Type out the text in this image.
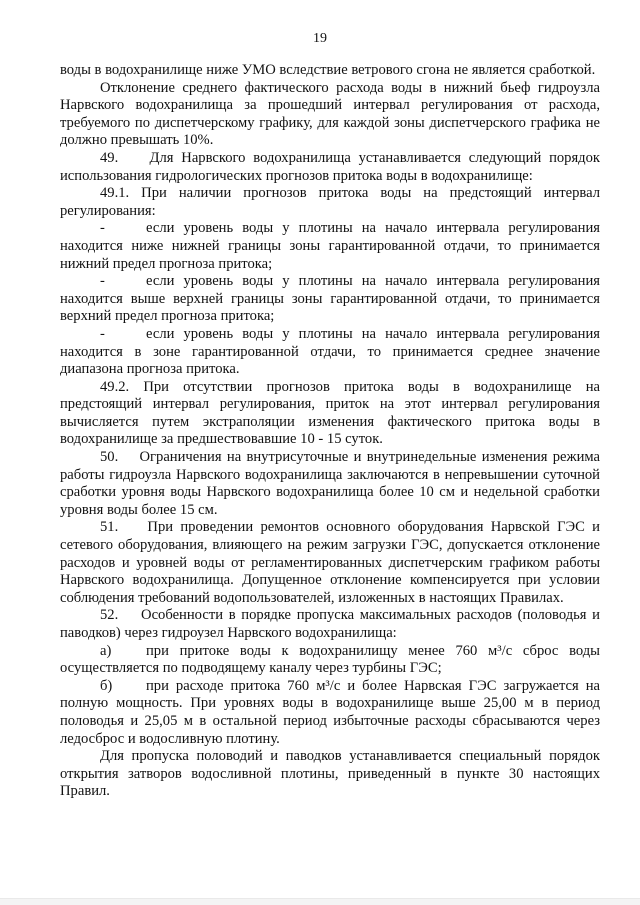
19

воды в водохранилище ниже УМО вследствие ветрового сгона не является сработкой.

Отклонение среднего фактического расхода воды в нижний бьеф гидроузла Нарвского водохранилища за прошедший интервал регулирования от расхода, требуемого по диспетчерскому графику, для каждой зоны диспетчерского графика не должно превышать 10%.

49.    Для Нарвского водохранилища устанавливается следующий порядок использования гидрологических прогнозов притока воды в водохранилище:

49.1. При наличии прогнозов притока воды на предстоящий интервал регулирования:

-	если уровень воды у плотины на начало интервала регулирования находится ниже нижней границы зоны гарантированной отдачи, то принимается нижний предел прогноза притока;

-	если уровень воды у плотины на начало интервала регулирования находится выше верхней границы зоны гарантированной отдачи, то принимается верхний предел прогноза притока;

-	если уровень воды у плотины на начало интервала регулирования находится в зоне гарантированной отдачи, то принимается среднее значение диапазона прогноза притока.

49.2. При отсутствии прогнозов притока воды в водохранилище на предстоящий интервал регулирования, приток на этот интервал регулирования вычисляется путем экстраполяции изменения фактического притока воды в водохранилище за предшествовавшие 10 - 15 суток.

50.    Ограничения на внутрисуточные и внутринедельные изменения режима работы гидроузла Нарвского водохранилища заключаются в непревышении суточной сработки уровня воды Нарвского водохранилища более 10 см и недельной сработки уровня воды более 15 см.

51.    При проведении ремонтов основного оборудования Нарвской ГЭС и сетевого оборудования, влияющего на режим загрузки ГЭС, допускается отклонение расходов и уровней воды от регламентированных диспетчерским графиком работы Нарвского водохранилища. Допущенное отклонение компенсируется при условии соблюдения требований водопользователей, изложенных в настоящих Правилах.

52.    Особенности в порядке пропуска максимальных расходов (половодья и паводков) через гидроузел Нарвского водохранилища:

а) при притоке воды к водохранилищу менее 760 м³/с сброс воды осуществляется по подводящему каналу через турбины ГЭС;

б) при расходе притока 760 м³/с и более Нарвская ГЭС загружается на полную мощность. При уровнях воды в водохранилище выше 25,00 м в период половодья и 25,05 м в остальной период избыточные расходы сбрасываются через ледосброс и водосливную плотину.

Для пропуска половодий и паводков устанавливается специальный порядок открытия затворов водосливной плотины, приведенный в пункте 30 настоящих Правил.
